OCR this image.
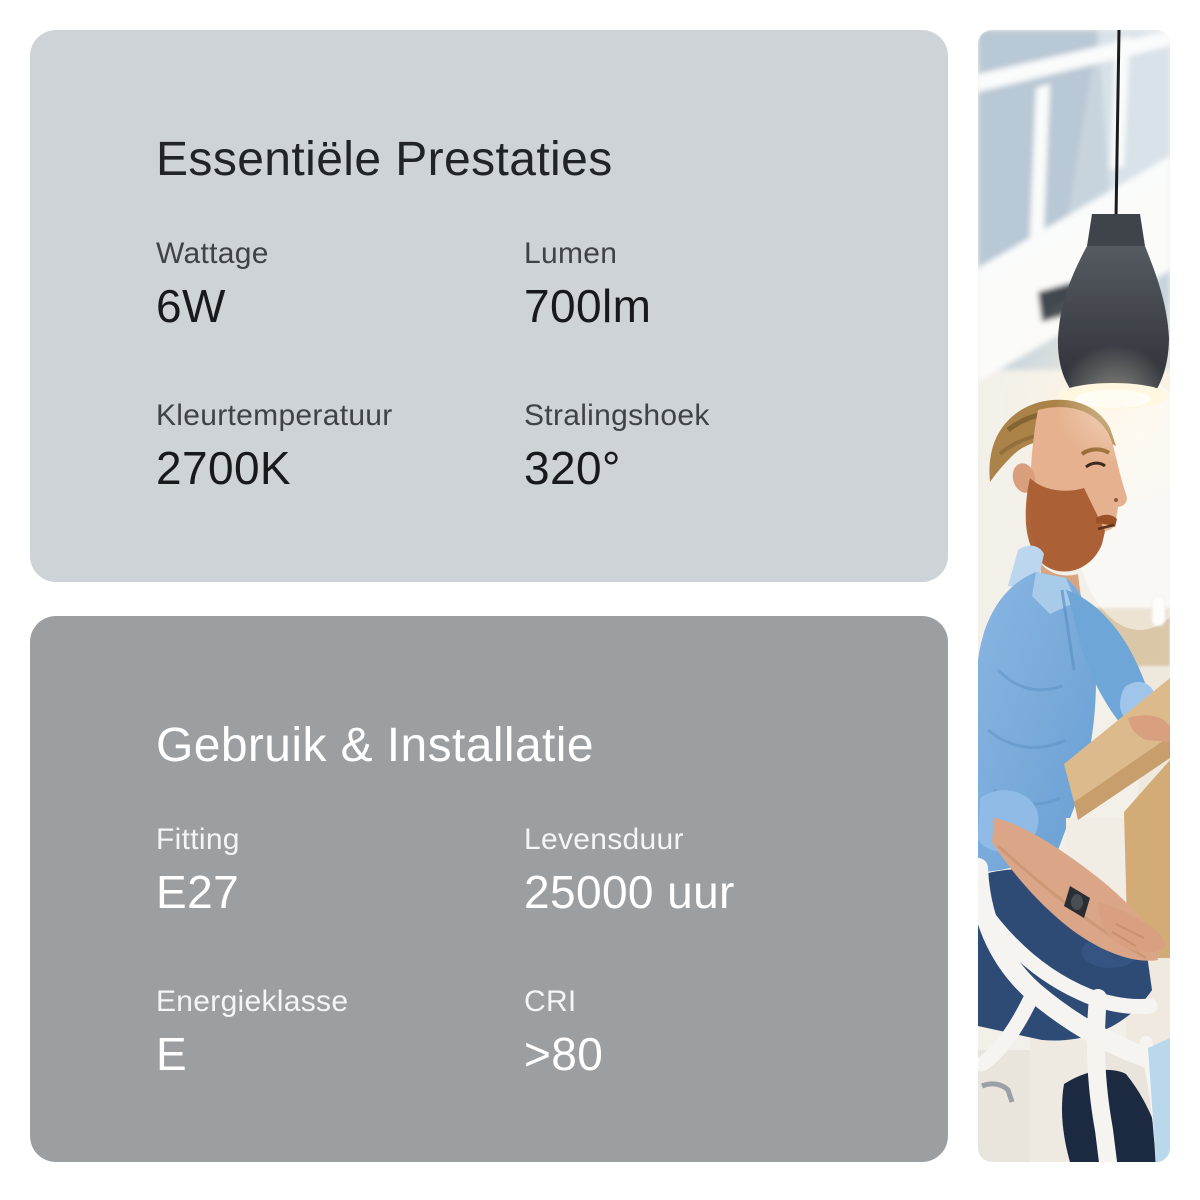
Essentiële Prestaties
Wattage
6W
Lumen
700lm
Kleurtemperatuur
2700K
Stralingshoek
320°
Gebruik & Installatie
Fitting
E27
Levensduur
25000 uur
Energieklasse
E
CRI
>80
